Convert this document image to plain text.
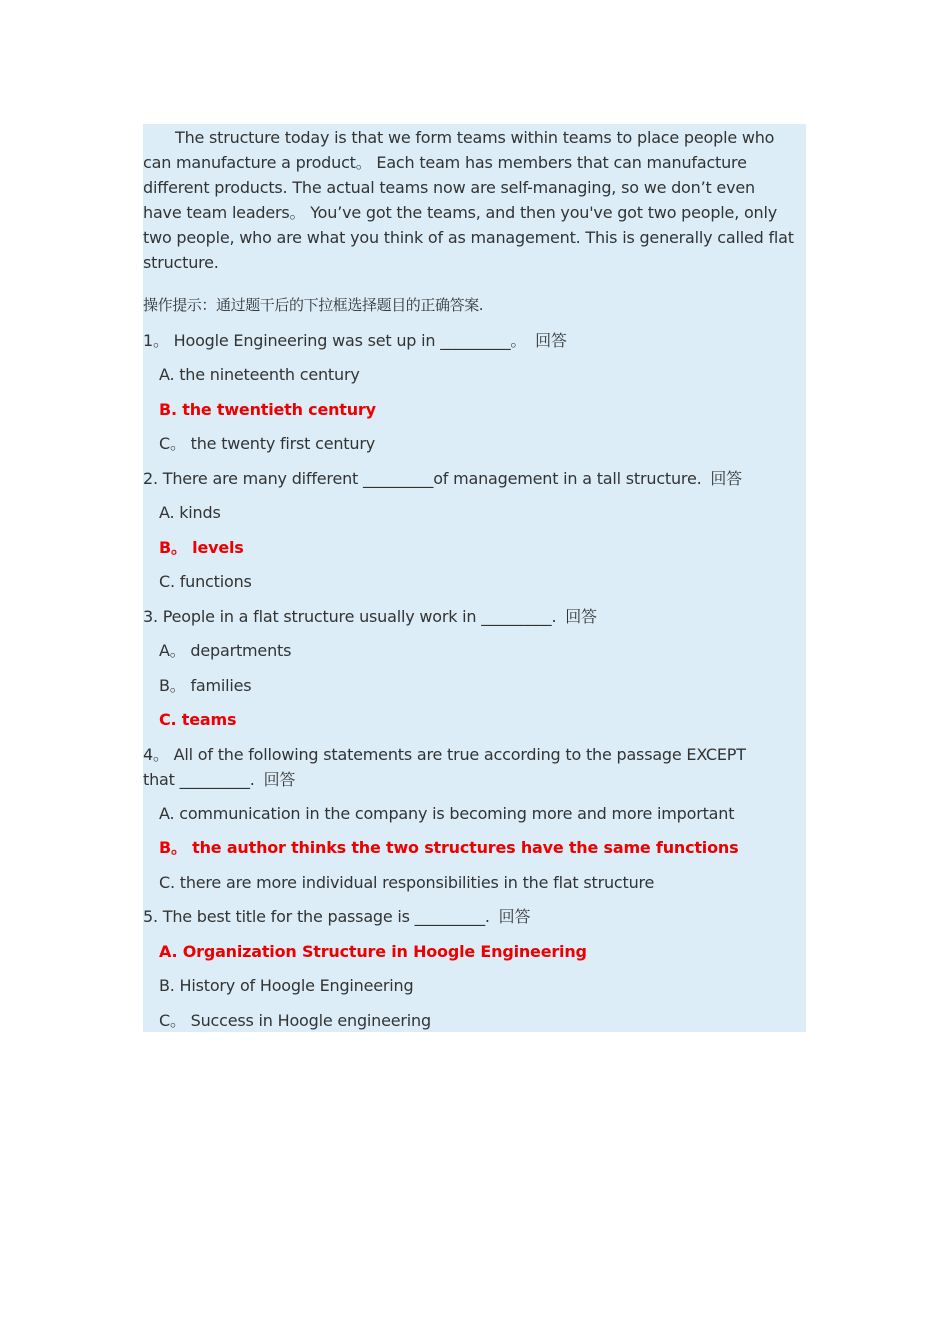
The structure today is that we form teams within teams to place people who can manufacture a product。 Each team has members that can manufacture different products. The actual teams now are self-managing, so we don’t even have team leaders。 You’ve got the teams, and then you've got two people, only two people, who are what you think of as management. This is generally called flat structure.
操作提示：通过题干后的下拉框选择题目的正确答案.
1。 Hoogle Engineering was set up in _________。 回答
A. the nineteenth century
B. the twentieth century
C。 the twenty first century
2. There are many different _________of management in a tall structure. 回答
A. kinds
B。 levels
C. functions
3. People in a flat structure usually work in _________. 回答
A。 departments
B。 families
C. teams
4。 All of the following statements are true according to the passage EXCEPT that _________. 回答
A. communication in the company is becoming more and more important
B。 the author thinks the two structures have the same functions
C. there are more individual responsibilities in the flat structure
5. The best title for the passage is _________. 回答
A. Organization Structure in Hoogle Engineering
B. History of Hoogle Engineering
C。 Success in Hoogle engineering
